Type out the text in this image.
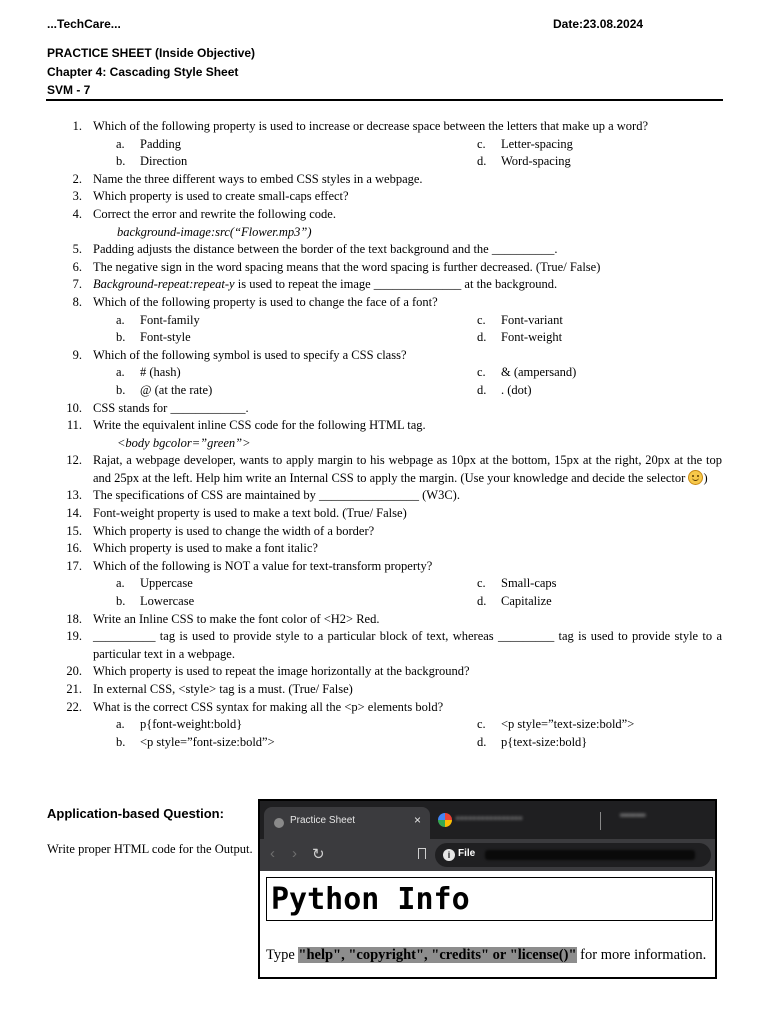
...TechCare...	Date:23.08.2024
PRACTICE SHEET (Inside Objective)
Chapter 4: Cascading Style Sheet
SVM - 7
1. Which of the following property is used to increase or decrease space between the letters that make up a word?
a. Padding	c. Letter-spacing
b. Direction	d. Word-spacing
2. Name the three different ways to embed CSS styles in a webpage.
3. Which property is used to create small-caps effect?
4. Correct the error and rewrite the following code.
background-image:src(“Flower.mp3”)
5. Padding adjusts the distance between the border of the text background and the __________.
6. The negative sign in the word spacing means that the word spacing is further decreased. (True/ False)
7. Background-repeat:repeat-y is used to repeat the image ______________ at the background.
8. Which of the following property is used to change the face of a font?
a. Font-family	c. Font-variant
b. Font-style	d. Font-weight
9. Which of the following symbol is used to specify a CSS class?
a. # (hash)	c. & (ampersand)
b. @ (at the rate)	d. . (dot)
10. CSS stands for ____________.
11. Write the equivalent inline CSS code for the following HTML tag.
<body bgcolor=”green”>
12. Rajat, a webpage developer, wants to apply margin to his webpage as 10px at the bottom, 15px at the right, 20px at the top and 25px at the left. Help him write an Internal CSS to apply the margin. (Use your knowledge and decide the selector )
13. The specifications of CSS are maintained by ________________ (W3C).
14. Font-weight property is used to make a text bold. (True/ False)
15. Which property is used to change the width of a border?
16. Which property is used to make a font italic?
17. Which of the following is NOT a value for text-transform property?
a. Uppercase	c. Small-caps
b. Lowercase	d. Capitalize
18. Write an Inline CSS to make the font color of <H2> Red.
19. __________ tag is used to provide style to a particular block of text, whereas _________ tag is used to provide style to a particular text in a webpage.
20. Which property is used to repeat the image horizontally at the background?
21. In external CSS, <style> tag is a must. (True/ False)
22. What is the correct CSS syntax for making all the <p> elements bold?
a. p{font-weight:bold}	c. <p style=”text-size:bold”>
b. <p style=”font-size:bold”>	d. p{text-size:bold}
Application-based Question:
Write proper HTML code for the Output.
Practice Sheet	×	▪▪▪▪▪▪▪▪▪▪▪▪▪▪▪▪	▪▪▪▪▪▪▪▪
‹ › ↻	i File
Python Info
Type "help", "copyright", "credits" or "license()" for more information.
